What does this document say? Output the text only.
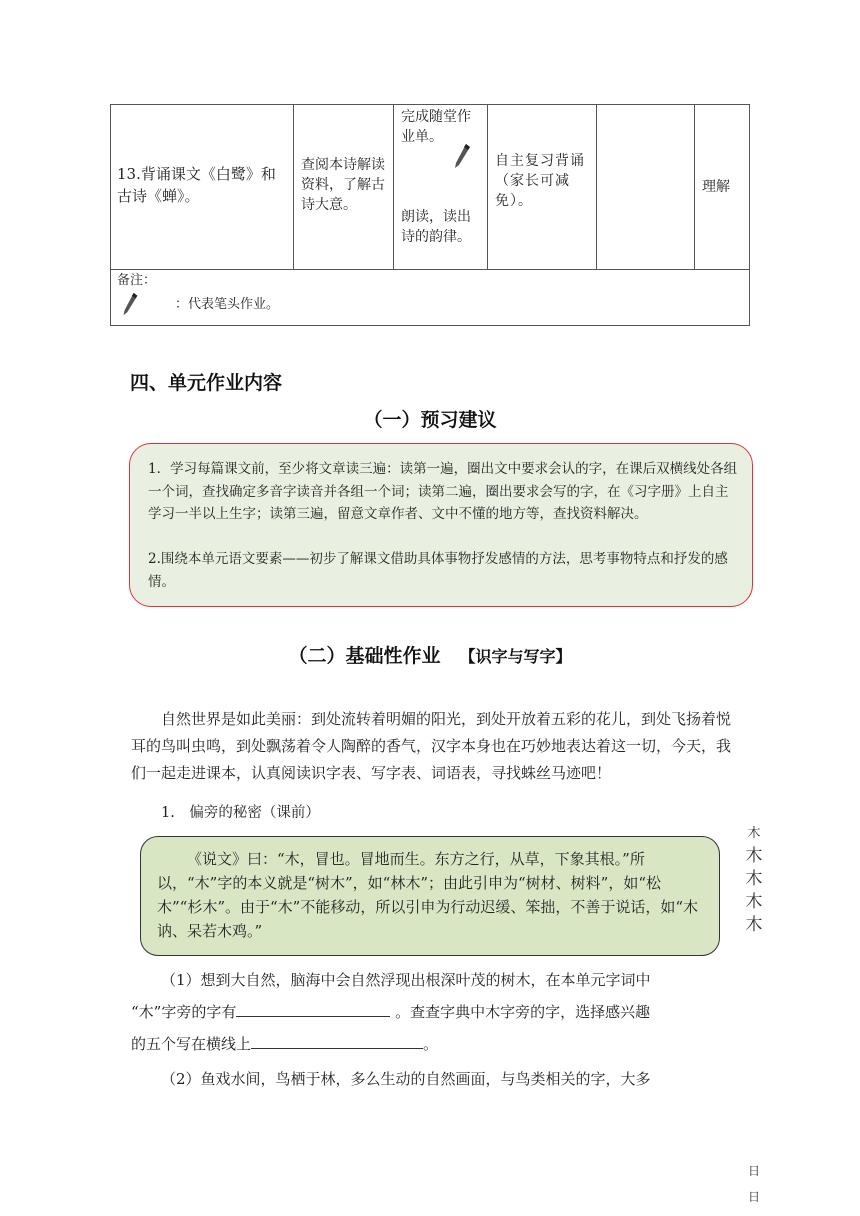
13.背诵课文《白鹭》和古诗《蝉》。
查阅本诗解读资料，了解古诗大意。
完成随堂作业单。
朗读，读出诗的韵律。
自主复习背诵（家长可减免）。
理解
备注：
：代表笔头作业。
四、单元作业内容
（一）预习建议

1．学习每篇课文前，至少将文章读三遍：读第一遍，圈出文中要求会认的字，在课后双横线处各组一个词，查找确定多音字读音并各组一个词；读第二遍，圈出要求会写的字，在《习字册》上自主学习一半以上生字；读第三遍，留意文章作者、文中不懂的地方等，查找资料解决。

2.围绕本单元语文要素——初步了解课文借助具体事物抒发感情的方法，思考事物特点和抒发的感情。

（二）基础性作业 【识字与写字】
自然世界是如此美丽：到处流转着明媚的阳光，到处开放着五彩的花儿，到处飞扬着悦耳的鸟叫虫鸣，到处飘荡着令人陶醉的香气，汉字本身也在巧妙地表达着这一切，今天，我们一起走进课本，认真阅读识字表、写字表、词语表，寻找蛛丝马迹吧！
1.　偏旁的秘密（课前）
《说文》曰：“木，冒也。冒地而生。东方之行，从草，下象其根。”所以，“木”字的本义就是“树木”，如“林木”；由此引申为“树材、树料”，如“松木”“杉木”。由于“木”不能移动，所以引申为行动迟缓、笨拙，不善于说话，如“木讷、呆若木鸡。”
（1）想到大自然，脑海中会自然浮现出根深叶茂的树木，在本单元字词中
“木”字旁的字有	。查查字典中木字旁的字，选择感兴趣
的五个写在横线上	。
（2）鱼戏水间，鸟栖于林，多么生动的自然画面，与鸟类相关的字，大多
木
木
木
木
木
日
日
